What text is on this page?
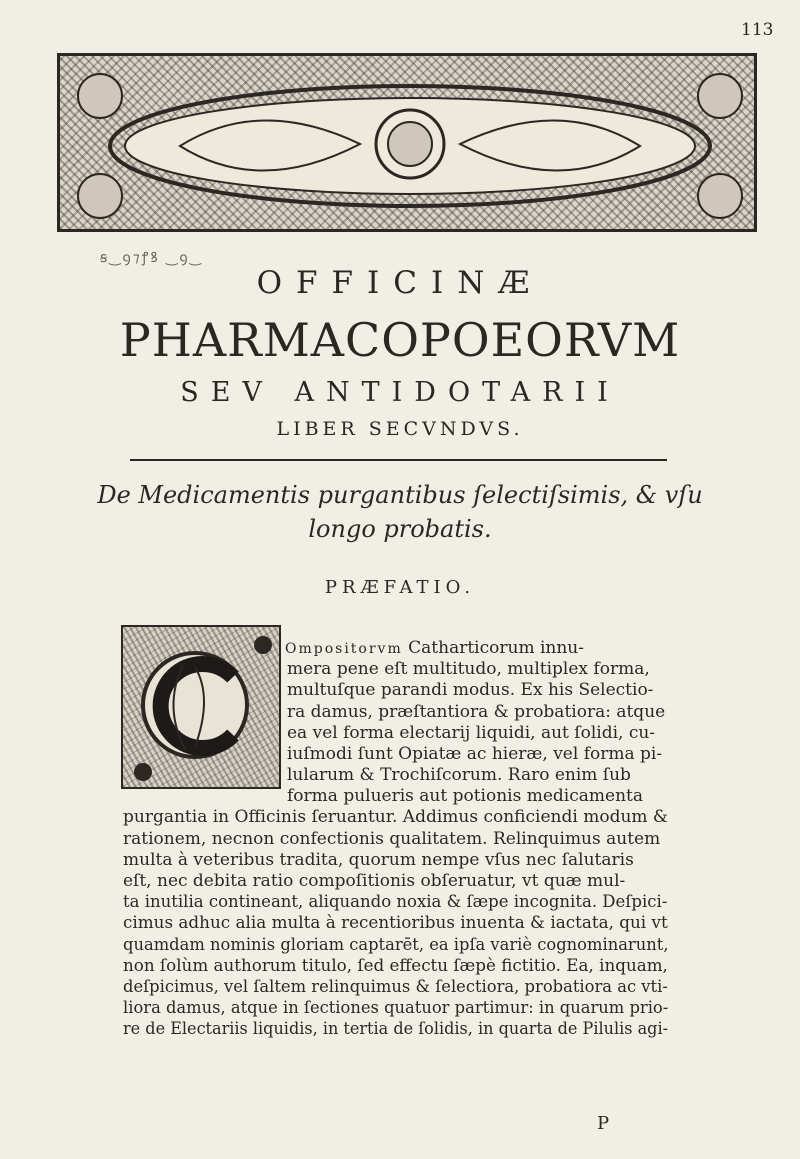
113
ꞩ‿ꝯ⁊ꝭꝸ ‿ꝯ‿
OFFICINÆ
PHARMACOPOEORVM
SEV ANTIDOTARII
LIBER SECVNDVS.
De Medicamentis purgantibus ſelectiſsimis, & vſu
longo probatis.
PRÆFATIO.
Ompositorvm Catharticorum innu-
mera pene eſt multitudo, multiplex forma,
multuſque parandi modus. Ex his Selectio-
ra damus, præſtantiora & probatiora: atque
ea vel forma electarij liquidi, aut ſolidi, cu-
iuſmodi ſunt Opiatæ ac hieræ, vel forma pi-
lularum & Trochiſcorum. Raro enim ſub
forma pulueris aut potionis medicamenta
purgantia in Officinis ſeruantur. Addimus conficiendi modum &
rationem, necnon confectionis qualitatem. Relinquimus autem
multa à veteribus tradita, quorum nempe vſus nec ſalutaris
eſt, nec debita ratio compoſitionis obſeruatur, vt quæ mul-
ta inutilia contineant, aliquando noxia & ſæpe incognita. Deſpici-
cimus adhuc alia multa à recentioribus inuenta & iactata, qui vt
quamdam nominis gloriam captarēt, ea ipſa variè cognominarunt,
non ſolùm authorum titulo, ſed effectu ſæpè fictitio. Ea, inquam,
deſpicimus, vel ſaltem relinquimus & ſelectiora, probatiora ac vti-
liora damus, atque in ſectiones quatuor partimur: in quarum prio-
re de Electariis liquidis, in tertia de ſolidis, in quarta de Pilulis agi-
P
